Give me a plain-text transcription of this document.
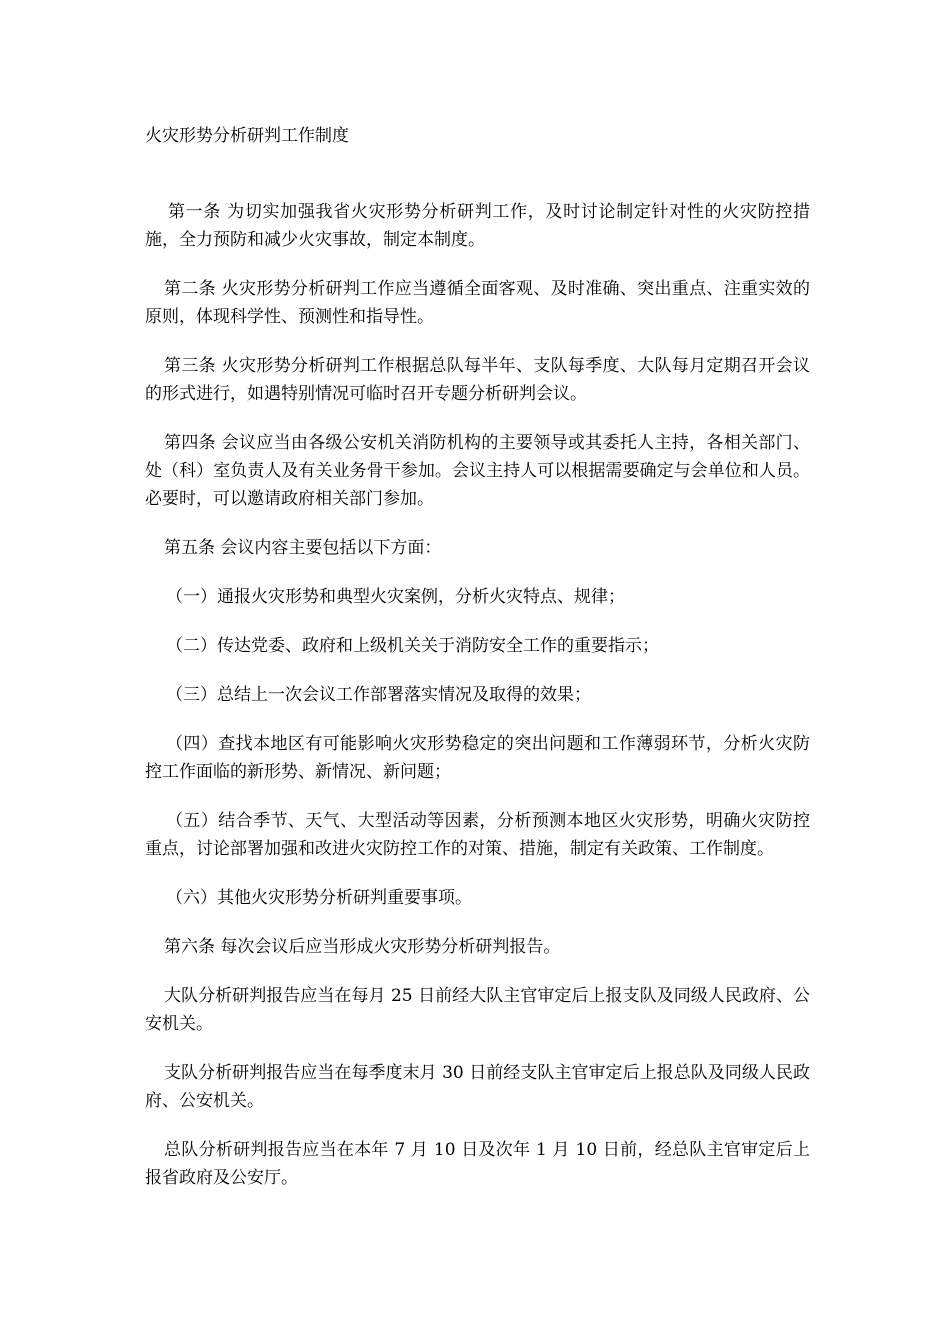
火灾形势分析研判工作制度

第一条 为切实加强我省火灾形势分析研判工作，及时讨论制定针对性的火灾防控措施，全力预防和减少火灾事故，制定本制度。

第二条 火灾形势分析研判工作应当遵循全面客观、及时准确、突出重点、注重实效的原则，体现科学性、预测性和指导性。

第三条 火灾形势分析研判工作根据总队每半年、支队每季度、大队每月定期召开会议的形式进行，如遇特别情况可临时召开专题分析研判会议。

第四条 会议应当由各级公安机关消防机构的主要领导或其委托人主持，各相关部门、处（科）室负责人及有关业务骨干参加。会议主持人可以根据需要确定与会单位和人员。必要时，可以邀请政府相关部门参加。

第五条 会议内容主要包括以下方面：

（一）通报火灾形势和典型火灾案例，分析火灾特点、规律；

（二）传达党委、政府和上级机关关于消防安全工作的重要指示；

（三）总结上一次会议工作部署落实情况及取得的效果；

（四）查找本地区有可能影响火灾形势稳定的突出问题和工作薄弱环节，分析火灾防控工作面临的新形势、新情况、新问题；

（五）结合季节、天气、大型活动等因素，分析预测本地区火灾形势，明确火灾防控重点，讨论部署加强和改进火灾防控工作的对策、措施，制定有关政策、工作制度。

（六）其他火灾形势分析研判重要事项。

第六条 每次会议后应当形成火灾形势分析研判报告。

大队分析研判报告应当在每月 25 日前经大队主官审定后上报支队及同级人民政府、公安机关。

支队分析研判报告应当在每季度末月 30 日前经支队主官审定后上报总队及同级人民政府、公安机关。

总队分析研判报告应当在本年 7 月 10 日及次年 1 月 10 日前，经总队主官审定后上报省政府及公安厅。
